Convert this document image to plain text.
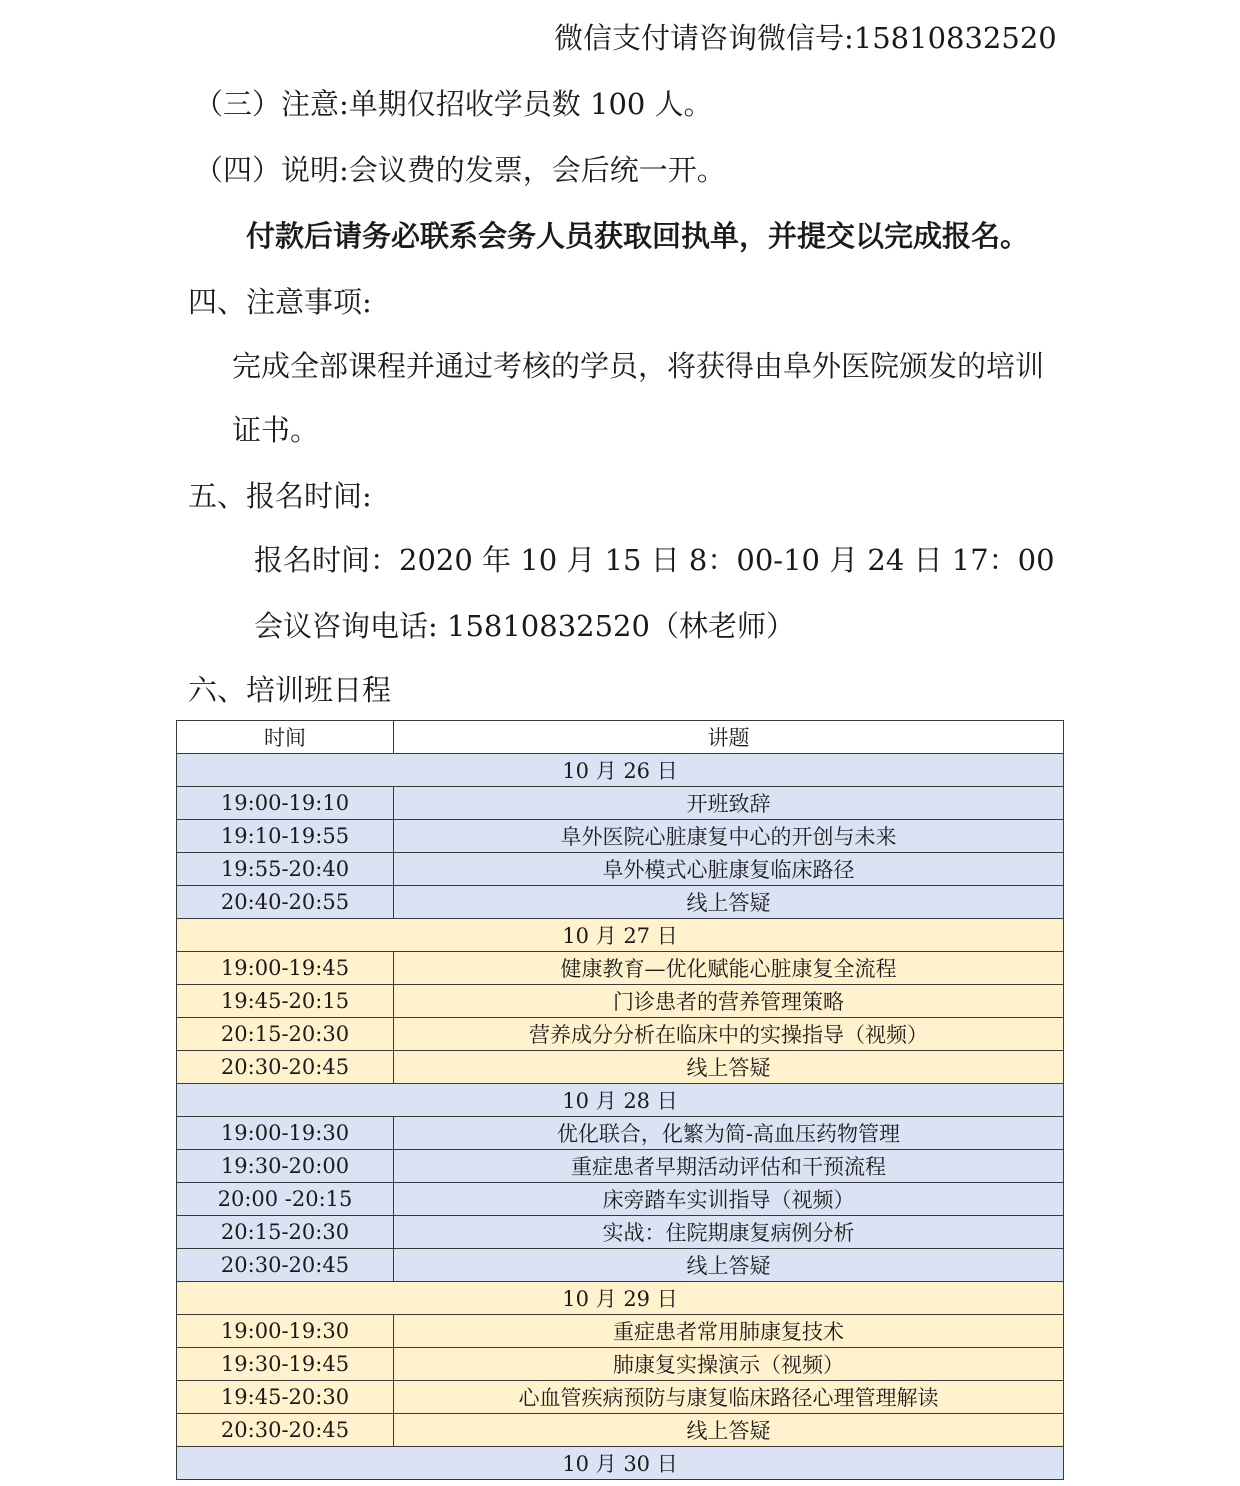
微信支付请咨询微信号:15810832520
（三）注意:单期仅招收学员数 100 人。
（四）说明:会议费的发票，会后统一开。
付款后请务必联系会务人员获取回执单，并提交以完成报名。
四、注意事项:
完成全部课程并通过考核的学员，将获得由阜外医院颁发的培训
证书。
五、报名时间:
报名时间：2020 年 10 月 15 日 8：00-10 月 24 日 17：00
会议咨询电话: 15810832520（林老师）
六、培训班日程
时间	讲题
10 月 26 日	
19:00-19:10	开班致辞
19:10-19:55	阜外医院心脏康复中心的开创与未来
19:55-20:40	阜外模式心脏康复临床路径
20:40-20:55	线上答疑
10 月 27 日	
19:00-19:45	健康教育—优化赋能心脏康复全流程
19:45-20:15	门诊患者的营养管理策略
20:15-20:30	营养成分分析在临床中的实操指导（视频）
20:30-20:45	线上答疑
10 月 28 日	
19:00-19:30	优化联合，化繁为简-高血压药物管理
19:30-20:00	重症患者早期活动评估和干预流程
20:00 -20:15	床旁踏车实训指导（视频）
20:15-20:30	实战：住院期康复病例分析
20:30-20:45	线上答疑
10 月 29 日	
19:00-19:30	重症患者常用肺康复技术
19:30-19:45	肺康复实操演示（视频）
19:45-20:30	心血管疾病预防与康复临床路径心理管理解读
20:30-20:45	线上答疑
10 月 30 日	
